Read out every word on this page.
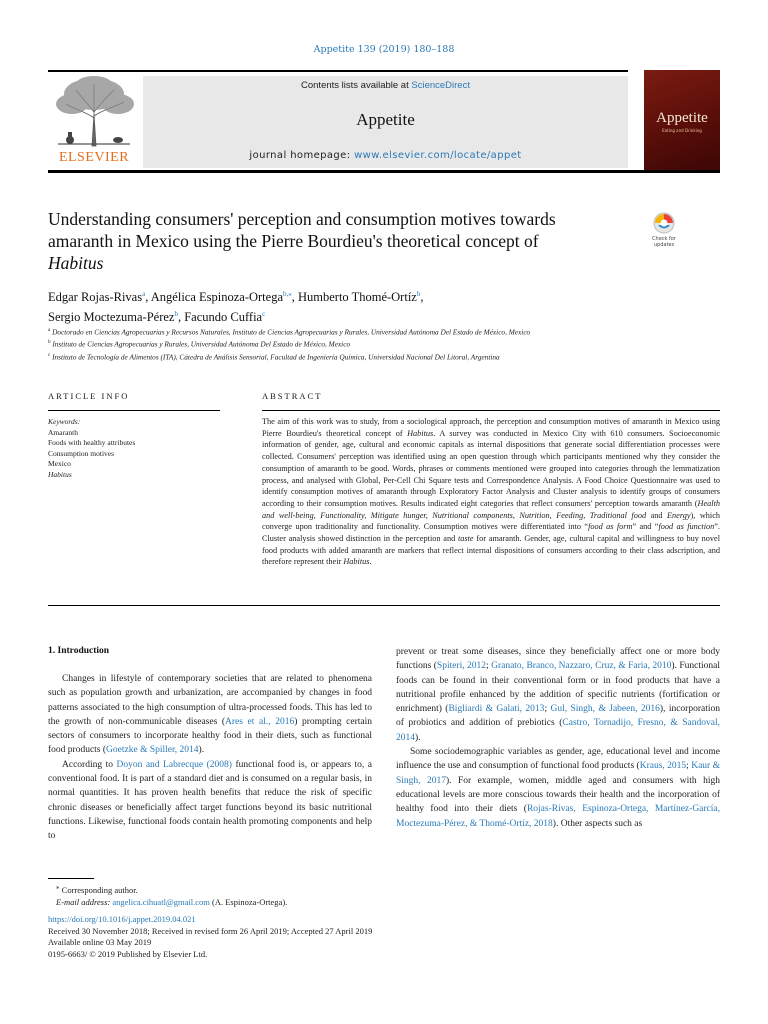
Appetite 139 (2019) 180–188
ELSEVIER
Contents lists available at ScienceDirect
Appetite
journal homepage: www.elsevier.com/locate/appet
Appetite
Eating and Drinking
Understanding consumers' perception and consumption motives towards
amaranth in Mexico using the Pierre Bourdieu's theoretical concept of
Habitus
Check for updates
Edgar Rojas-Rivas$^a$, Angélica Espinoza-Ortega$^{b,⁎}$, Humberto Thomé-Ortíz$^b$,
Sergio Moctezuma-Pérez$^b$, Facundo Cuffia$^c$
$^a$ Doctorado en Ciencias Agropecuarias y Recursos Naturales, Instituto de Ciencias Agropecuarias y Rurales, Universidad Autónoma Del Estado de México, Mexico
$^b$ Instituto de Ciencias Agropecuarias y Rurales, Universidad Autónoma Del Estado de México, Mexico
$^c$ Instituto de Tecnología de Alimentos (ITA), Cátedra de Análisis Sensorial, Facultad de Ingeniería Química, Universidad Nacional Del Litoral, Argentina
ARTICLE INFO	ABSTRACT
Keywords:
Amaranth
Foods with healthy attributes
Consumption motives
Mexico
Habitus
The aim of this work was to study, from a sociological approach, the perception and consumption motives of amaranth in Mexico using Pierre Bourdieu's theoretical concept of Habitus. A survey was conducted in Mexico City with 610 consumers. Socioeconomic information of gender, age, cultural and economic capitals as internal dispositions that generate social differentiation processes were collected. Consumers' perception was identified using an open question through which participants mentioned why they consider the consumption of amaranth to be good. Words, phrases or comments mentioned were grouped into categories through the lemmatization process, and analysed with Global, Per-Cell Chi Square tests and Correspondence Analysis. A Food Choice Questionnaire was used to identify consumption motives of amaranth through Exploratory Factor Analysis and Cluster analysis to identify groups of consumers according to their consumption motives. Results indicated eight categories that reflect consumers' perception towards amaranth (Health and well-being, Functionality, Mitigate hunger, Nutritional components, Nutrition, Feeding, Traditional food and Energy), which converge upon traditionality and functionality. Consumption motives were differentiated into “food as form” and “food as function”. Cluster analysis showed distinction in the perception and taste for amaranth. Gender, age, cultural capital and willingness to buy novel food products with added amaranth are markers that reflect internal dispositions of consumers according to their class adscription, and therefore represent their Habitus.
1. Introduction

Changes in lifestyle of contemporary societies that are related to phenomena such as population growth and urbanization, are accompanied by changes in food patterns associated to the high consumption of ultra-processed foods. This has led to the growth of non-communicable diseases (Ares et al., 2016) prompting certain sectors of consumers to incorporate healthy food in their diets, such as functional food products (Goetzke & Spiller, 2014).

According to Doyon and Labrecque (2008) functional food is, or appears to, a conventional food. It is part of a standard diet and is consumed on a regular basis, in normal quantities. It has proven health benefits that reduce the risk of specific chronic diseases or beneficially affect target functions beyond its basic nutritional functions. Likewise, functional foods contain health promoting components and help to

prevent or treat some diseases, since they beneficially affect one or more body functions (Spiteri, 2012; Granato, Branco, Nazzaro, Cruz, & Faria, 2010). Functional foods can be found in their conventional form or in food products that have a nutritional profile enhanced by the addition of specific nutrients (fortification or enrichment) (Bigliardi & Galati, 2013; Gul, Singh, & Jabeen, 2016), incorporation of probiotics and addition of prebiotics (Castro, Tornadijo, Fresno, & Sandoval, 2014).

Some sociodemographic variables as gender, age, educational level and income influence the use and consumption of functional food products (Kraus, 2015; Kaur & Singh, 2017). For example, women, middle aged and consumers with high educational levels are more conscious towards their health and the incorporation of healthy food into their diets (Rojas-Rivas, Espinoza-Ortega, Martínez-García, Moctezuma-Pérez, & Thomé-Ortíz, 2018). Other aspects such as

⁎ Corresponding author.
E-mail address: angelica.cihuatl@gmail.com (A. Espinoza-Ortega).
https://doi.org/10.1016/j.appet.2019.04.021
Received 30 November 2018; Received in revised form 26 April 2019; Accepted 27 April 2019
Available online 03 May 2019
0195-6663/ © 2019 Published by Elsevier Ltd.
